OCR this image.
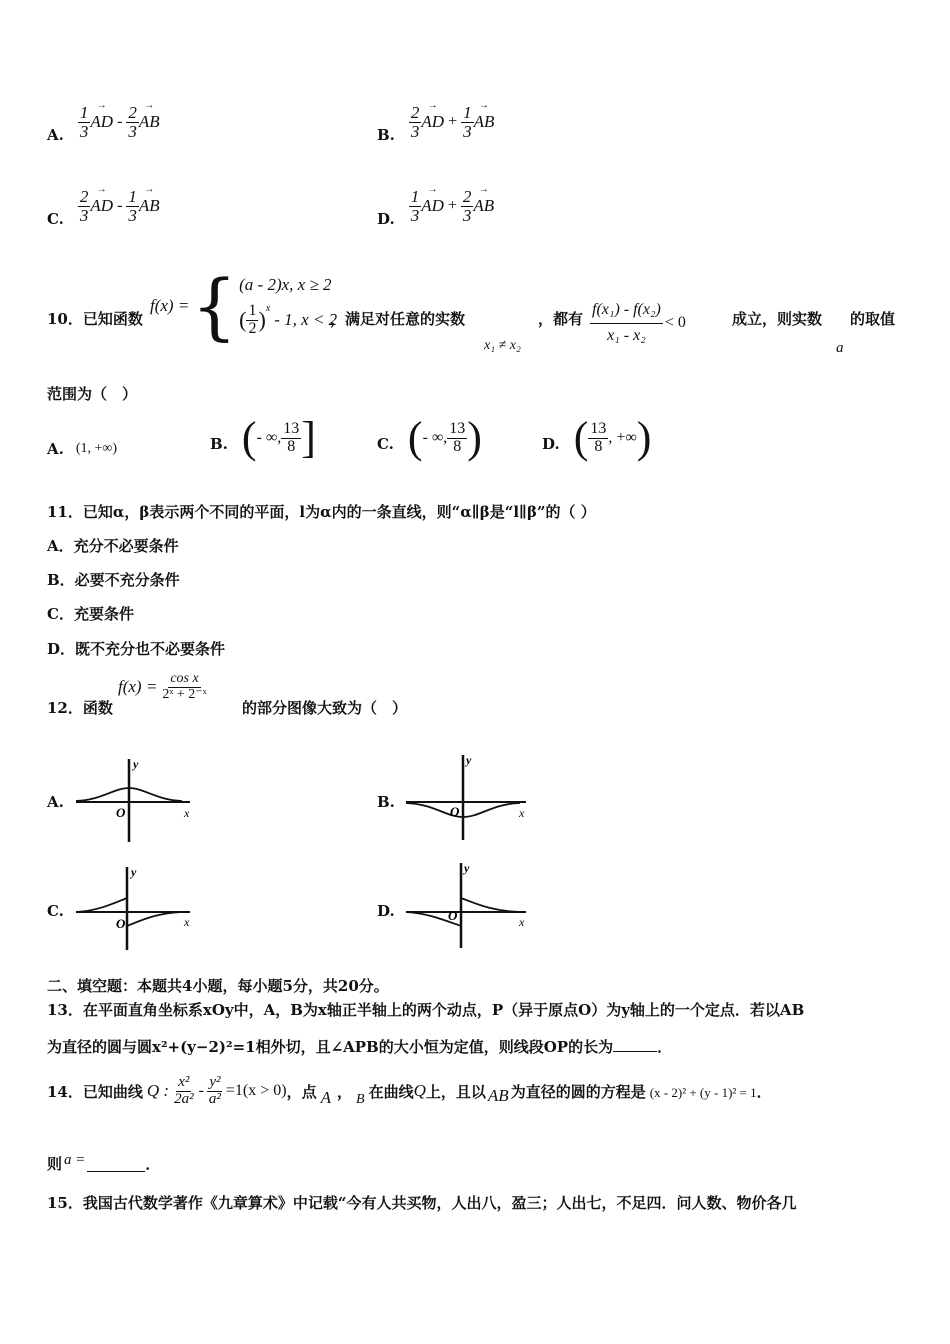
A. $\frac{1}{3}$ → AD - $\frac{2}{3}$ → AB
B. $\frac{2}{3}$ → AD + $\frac{1}{3}$ → AB
C. $\frac{2}{3}$ → AD - $\frac{1}{3}$ → AB
D. $\frac{1}{3}$ → AD + $\frac{2}{3}$ → AB
10．已知函数
f(x) = { (a - 2)x, x ≥ 2
( $\frac{1}{2} )^x$
- 1, x < 2
，满足对任意的实数
x₁ ≠ x₂
，都有 $\frac{\text{f(x₁) - f(x₂)}}{\text{x₁ - x₂}} < 0$	成立，则实数
a
的取值
范围为（　）
A. (1, +∞)	B. ( - ∞, $\frac{13}{8}$ ]	C. ( - ∞, $\frac{13}{8}$ )	D. ( $\frac{13}{8}$ , +∞ )
11．已知α，β表示两个不同的平面，l为α内的一条直线，则“α∥β是“l∥β”的（ ）
A．充分不必要条件
B．必要不充分条件
C．充要条件
D．既不充分也不必要条件
12．函数
$f(x) = \frac{\text{cos x}}{\text{2ˣ + 2⁻ˣ}}$
的部分图像大致为（　）
A.
y
x
O
B.
y
x
O
C.
y
x
O
D.
y
x
O
二、填空题：本题共4小题，每小题5分，共20分。
13．在平面直角坐标系xOy中，A，B为x轴正半轴上的两个动点，P（异于原点O）为y轴上的一个定点．若以AB
为直径的圆与圆x²+(y−2)²=1相外切，且∠APB的大小恒为定值，则线段OP的长为	．
14．已知曲线 Q : $\frac{\text{x²}}{\text{2a²}} - \frac{\text{y²}}{\text{a²}} =1(x > 0)$ ，点 A ， B 在曲线 Q 上，且以 AB 为直径的圆的方程是 (x - 2)² + (y - 1)² = 1 ．
则 a =	．
15．我国古代数学著作《九章算术》中记载“今有人共买物，人出八，盈三；人出七，不足四．问人数、物价各几
